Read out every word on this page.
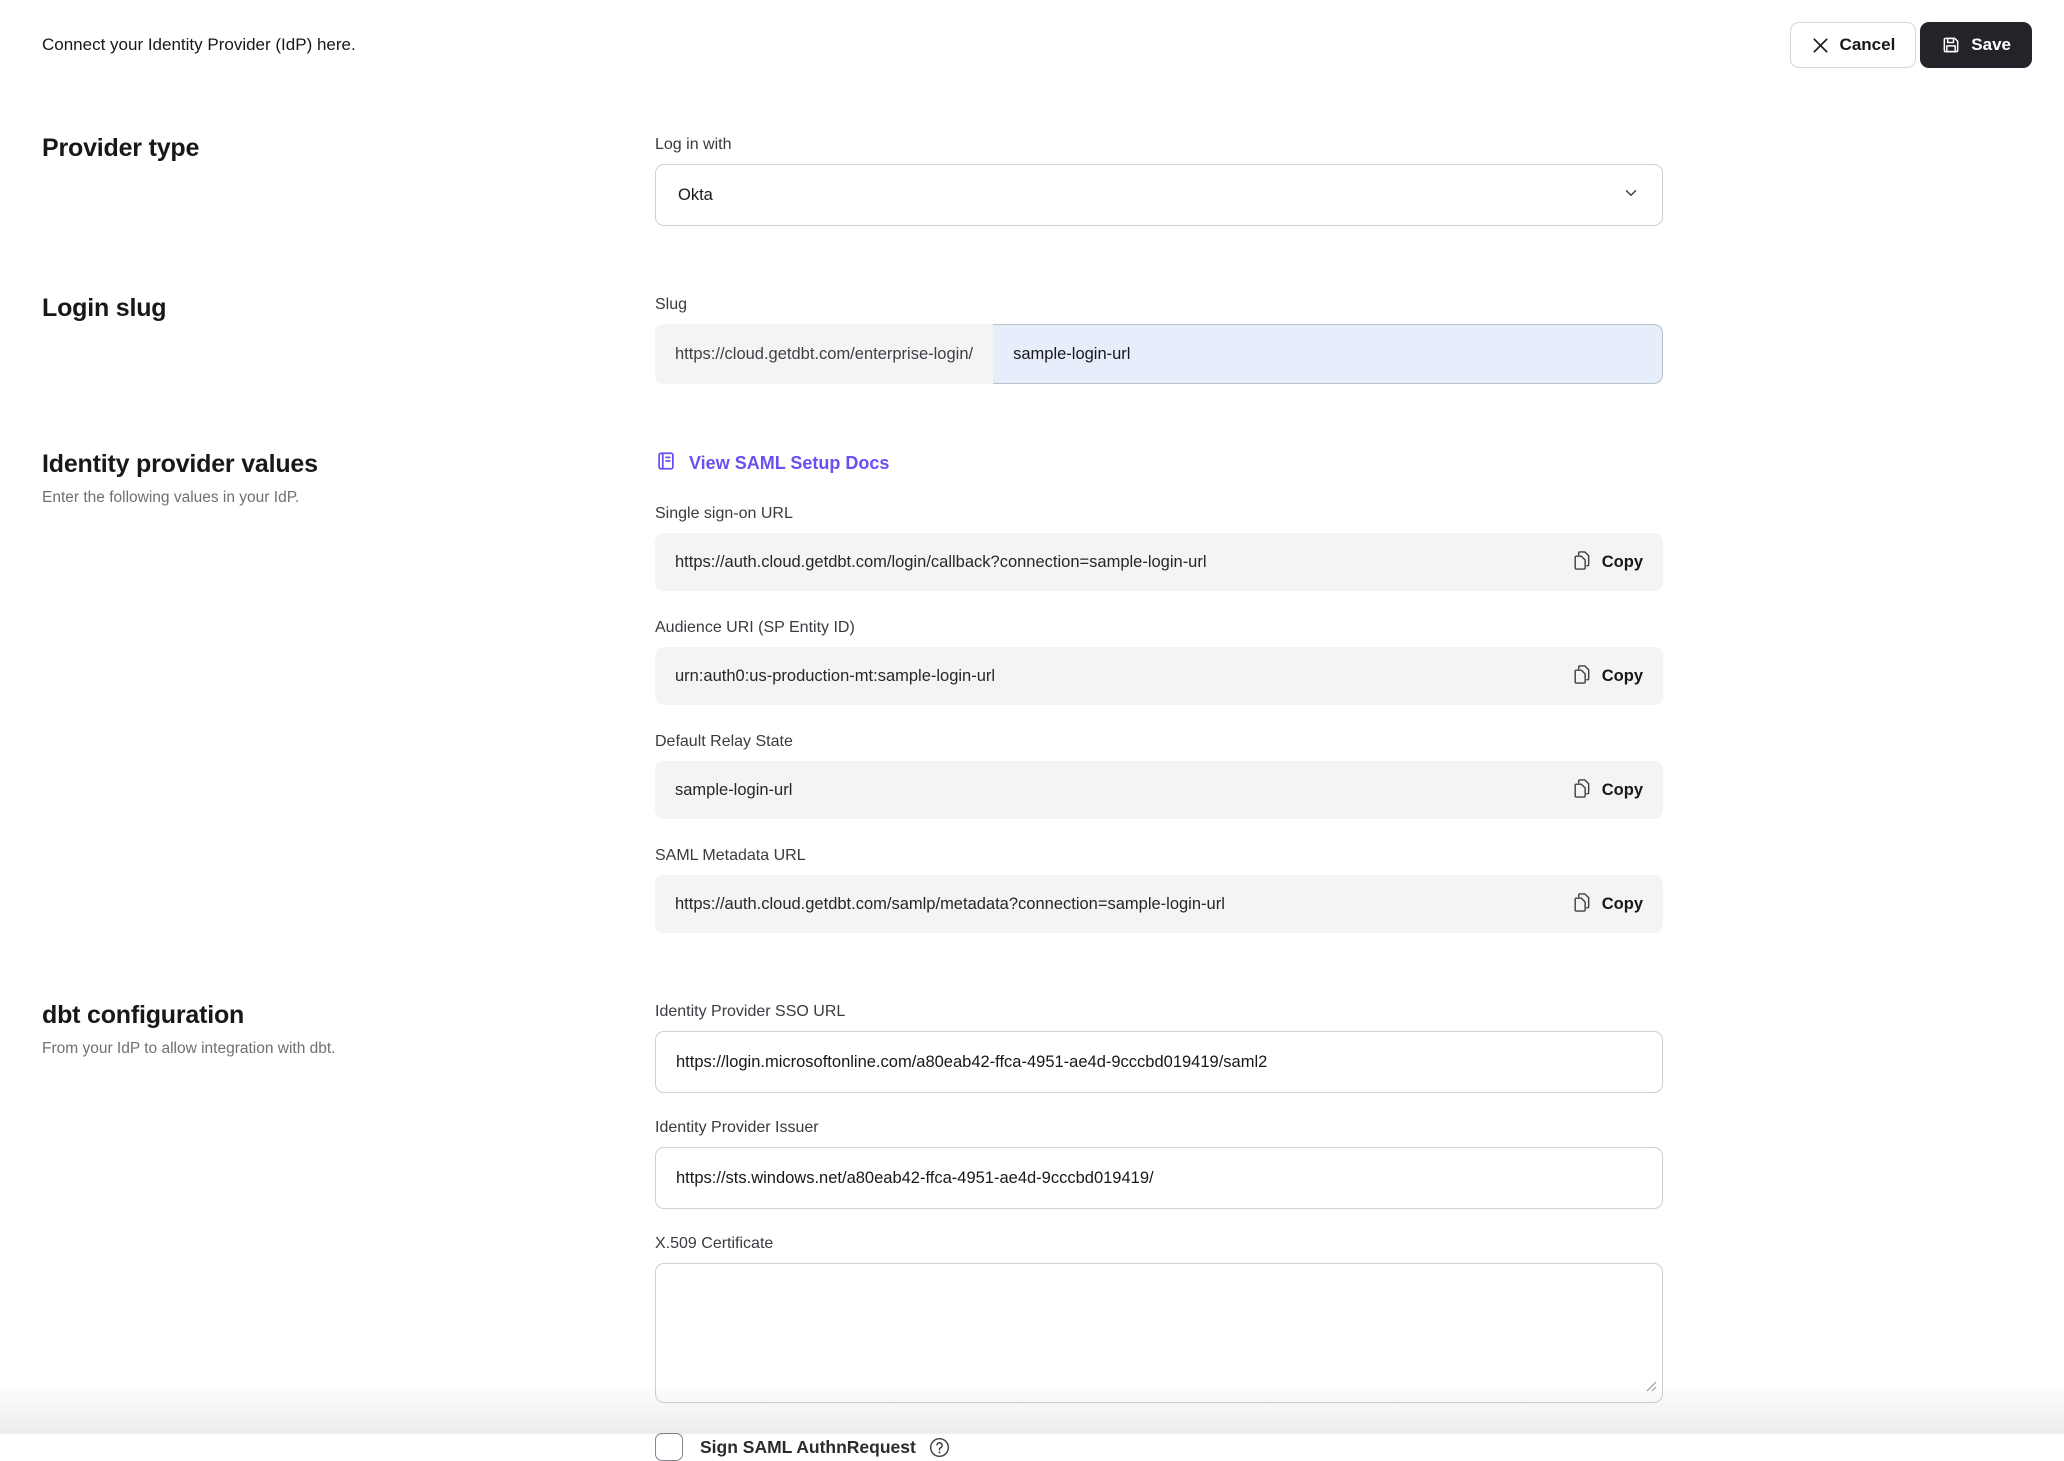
Connect your Identity Provider (IdP) here.	Cancel	Save
Provider type	Log in with
Okta
Login slug	Slug
https://cloud.getdbt.com/enterprise-login/
sample-login-url
Identity provider values
Enter the following values in your IdP.
View SAML Setup Docs
Single sign-on URL
https://auth.cloud.getdbt.com/login/callback?connection=sample-login-url	Copy
Audience URI (SP Entity ID)
urn:auth0:us-production-mt:sample-login-url	Copy
Default Relay State
sample-login-url	Copy
SAML Metadata URL
https://auth.cloud.getdbt.com/samlp/metadata?connection=sample-login-url	Copy
dbt configuration
From your IdP to allow integration with dbt.
Identity Provider SSO URL
https://login.microsoftonline.com/a80eab42-ffca-4951-ae4d-9cccbd019419/saml2
Identity Provider Issuer
https://sts.windows.net/a80eab42-ffca-4951-ae4d-9cccbd019419/
X.509 Certificate
Sign SAML AuthnRequest
